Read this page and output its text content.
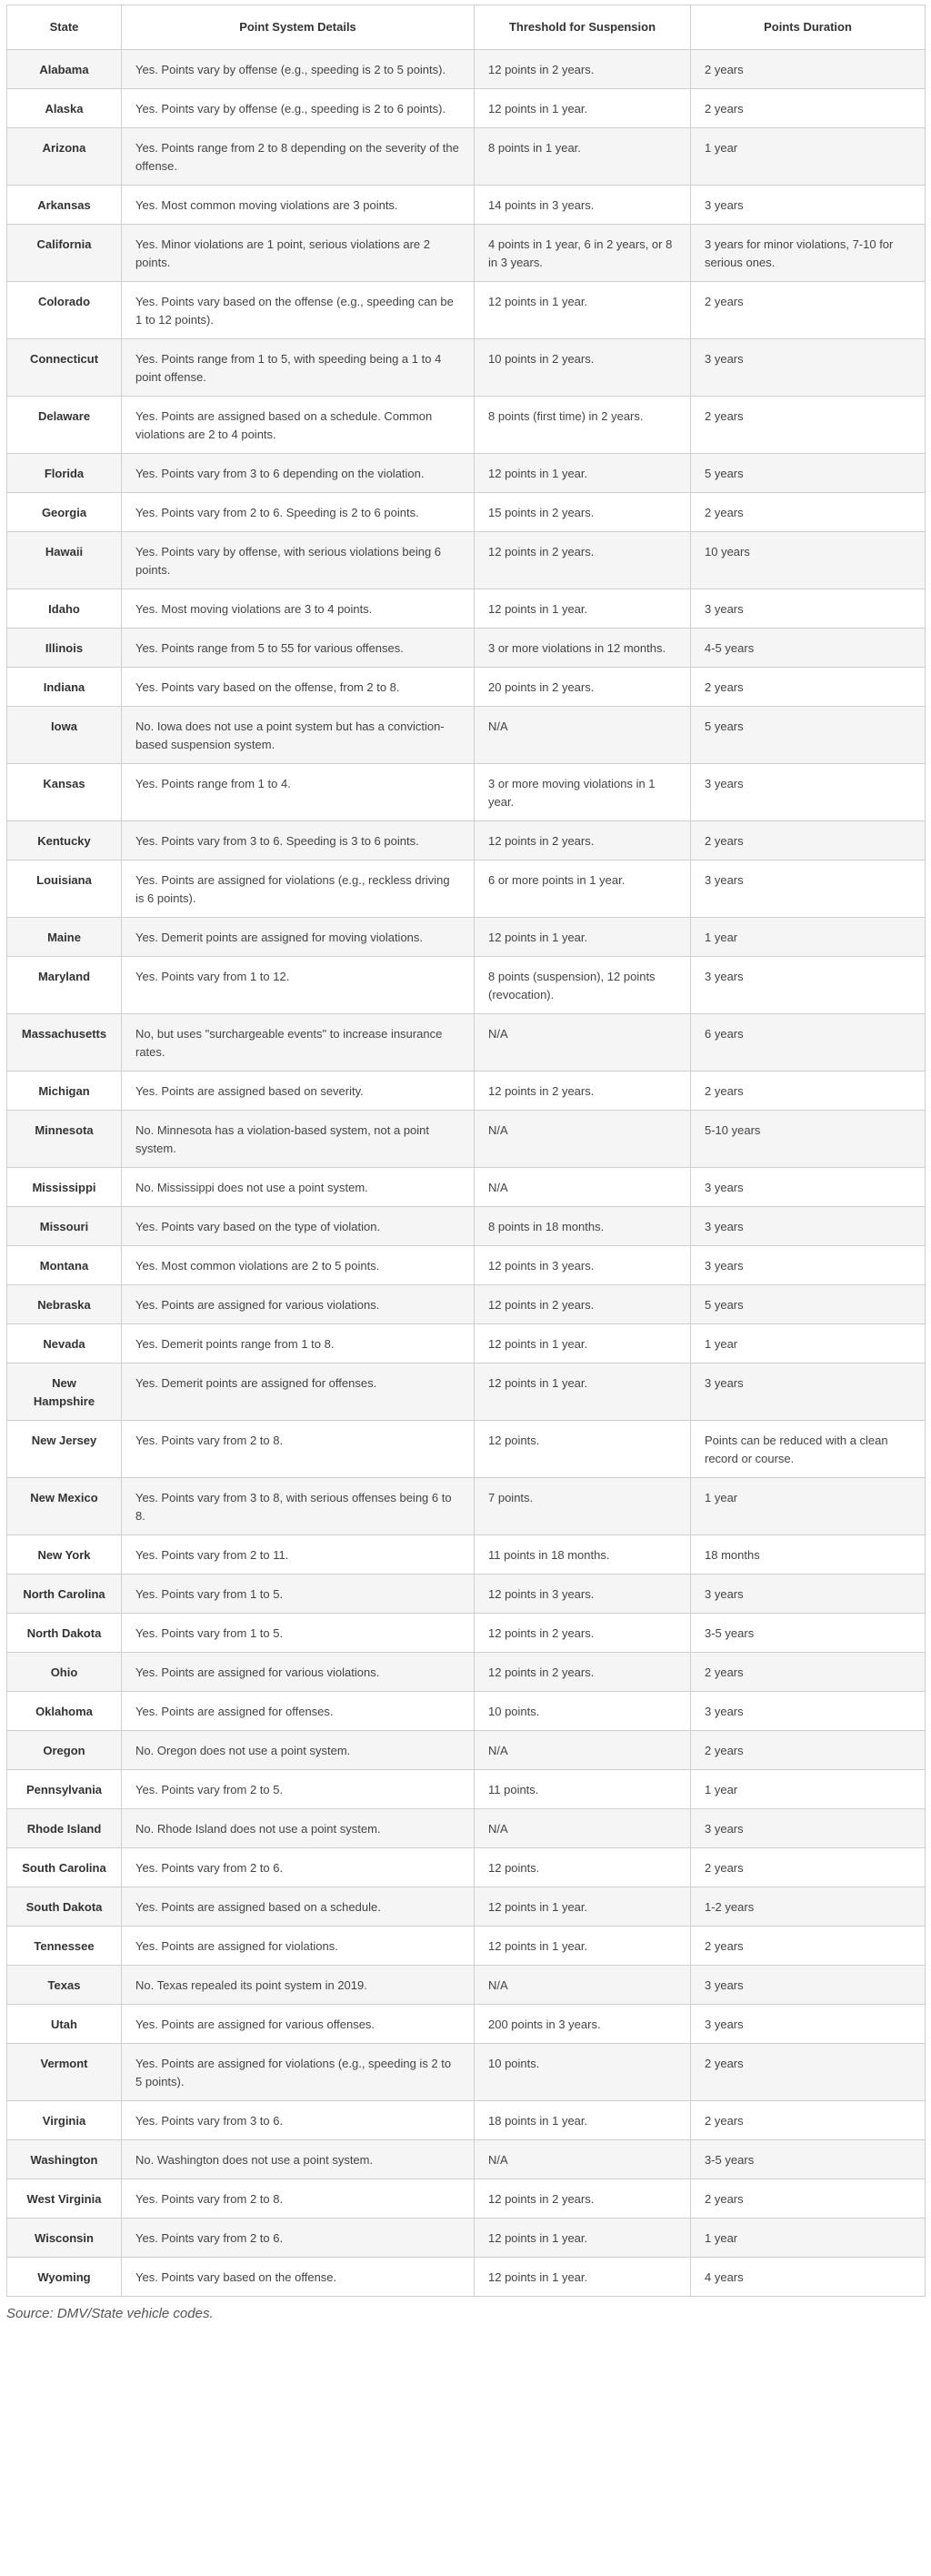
State	Point System Details	Threshold for Suspension	Points Duration
Alabama	Yes. Points vary by offense (e.g., speeding is 2 to 5 points).	12 points in 2 years.	2 years
Alaska	Yes. Points vary by offense (e.g., speeding is 2 to 6 points).	12 points in 1 year.	2 years
Arizona	Yes. Points range from 2 to 8 depending on the severity of the offense.	8 points in 1 year.	1 year
Arkansas	Yes. Most common moving violations are 3 points.	14 points in 3 years.	3 years
California	Yes. Minor violations are 1 point, serious violations are 2 points.	4 points in 1 year, 6 in 2 years, or 8 in 3 years.	3 years for minor violations, 7-10 for serious ones.
Colorado	Yes. Points vary based on the offense (e.g., speeding can be 1 to 12 points).	12 points in 1 year.	2 years
Connecticut	Yes. Points range from 1 to 5, with speeding being a 1 to 4 point offense.	10 points in 2 years.	3 years
Delaware	Yes. Points are assigned based on a schedule. Common violations are 2 to 4 points.	8 points (first time) in 2 years.	2 years
Florida	Yes. Points vary from 3 to 6 depending on the violation.	12 points in 1 year.	5 years
Georgia	Yes. Points vary from 2 to 6. Speeding is 2 to 6 points.	15 points in 2 years.	2 years
Hawaii	Yes. Points vary by offense, with serious violations being 6 points.	12 points in 2 years.	10 years
Idaho	Yes. Most moving violations are 3 to 4 points.	12 points in 1 year.	3 years
Illinois	Yes. Points range from 5 to 55 for various offenses.	3 or more violations in 12 months.	4-5 years
Indiana	Yes. Points vary based on the offense, from 2 to 8.	20 points in 2 years.	2 years
Iowa	No. Iowa does not use a point system but has a conviction-based suspension system.	N/A	5 years
Kansas	Yes. Points range from 1 to 4.	3 or more moving violations in 1 year.	3 years
Kentucky	Yes. Points vary from 3 to 6. Speeding is 3 to 6 points.	12 points in 2 years.	2 years
Louisiana	Yes. Points are assigned for violations (e.g., reckless driving is 6 points).	6 or more points in 1 year.	3 years
Maine	Yes. Demerit points are assigned for moving violations.	12 points in 1 year.	1 year
Maryland	Yes. Points vary from 1 to 12.	8 points (suspension), 12 points (revocation).	3 years
Massachusetts	No, but uses "surchargeable events" to increase insurance rates.	N/A	6 years
Michigan	Yes. Points are assigned based on severity.	12 points in 2 years.	2 years
Minnesota	No. Minnesota has a violation-based system, not a point system.	N/A	5-10 years
Mississippi	No. Mississippi does not use a point system.	N/A	3 years
Missouri	Yes. Points vary based on the type of violation.	8 points in 18 months.	3 years
Montana	Yes. Most common violations are 2 to 5 points.	12 points in 3 years.	3 years
Nebraska	Yes. Points are assigned for various violations.	12 points in 2 years.	5 years
Nevada	Yes. Demerit points range from 1 to 8.	12 points in 1 year.	1 year
New Hampshire	Yes. Demerit points are assigned for offenses.	12 points in 1 year.	3 years
New Jersey	Yes. Points vary from 2 to 8.	12 points.	Points can be reduced with a clean record or course.
New Mexico	Yes. Points vary from 3 to 8, with serious offenses being 6 to 8.	7 points.	1 year
New York	Yes. Points vary from 2 to 11.	11 points in 18 months.	18 months
North Carolina	Yes. Points vary from 1 to 5.	12 points in 3 years.	3 years
North Dakota	Yes. Points vary from 1 to 5.	12 points in 2 years.	3-5 years
Ohio	Yes. Points are assigned for various violations.	12 points in 2 years.	2 years
Oklahoma	Yes. Points are assigned for offenses.	10 points.	3 years
Oregon	No. Oregon does not use a point system.	N/A	2 years
Pennsylvania	Yes. Points vary from 2 to 5.	11 points.	1 year
Rhode Island	No. Rhode Island does not use a point system.	N/A	3 years
South Carolina	Yes. Points vary from 2 to 6.	12 points.	2 years
South Dakota	Yes. Points are assigned based on a schedule.	12 points in 1 year.	1-2 years
Tennessee	Yes. Points are assigned for violations.	12 points in 1 year.	2 years
Texas	No. Texas repealed its point system in 2019.	N/A	3 years
Utah	Yes. Points are assigned for various offenses.	200 points in 3 years.	3 years
Vermont	Yes. Points are assigned for violations (e.g., speeding is 2 to 5 points).	10 points.	2 years
Virginia	Yes. Points vary from 3 to 6.	18 points in 1 year.	2 years
Washington	No. Washington does not use a point system.	N/A	3-5 years
West Virginia	Yes. Points vary from 2 to 8.	12 points in 2 years.	2 years
Wisconsin	Yes. Points vary from 2 to 6.	12 points in 1 year.	1 year
Wyoming	Yes. Points vary based on the offense.	12 points in 1 year.	4 years
Source: DMV/State vehicle codes.
